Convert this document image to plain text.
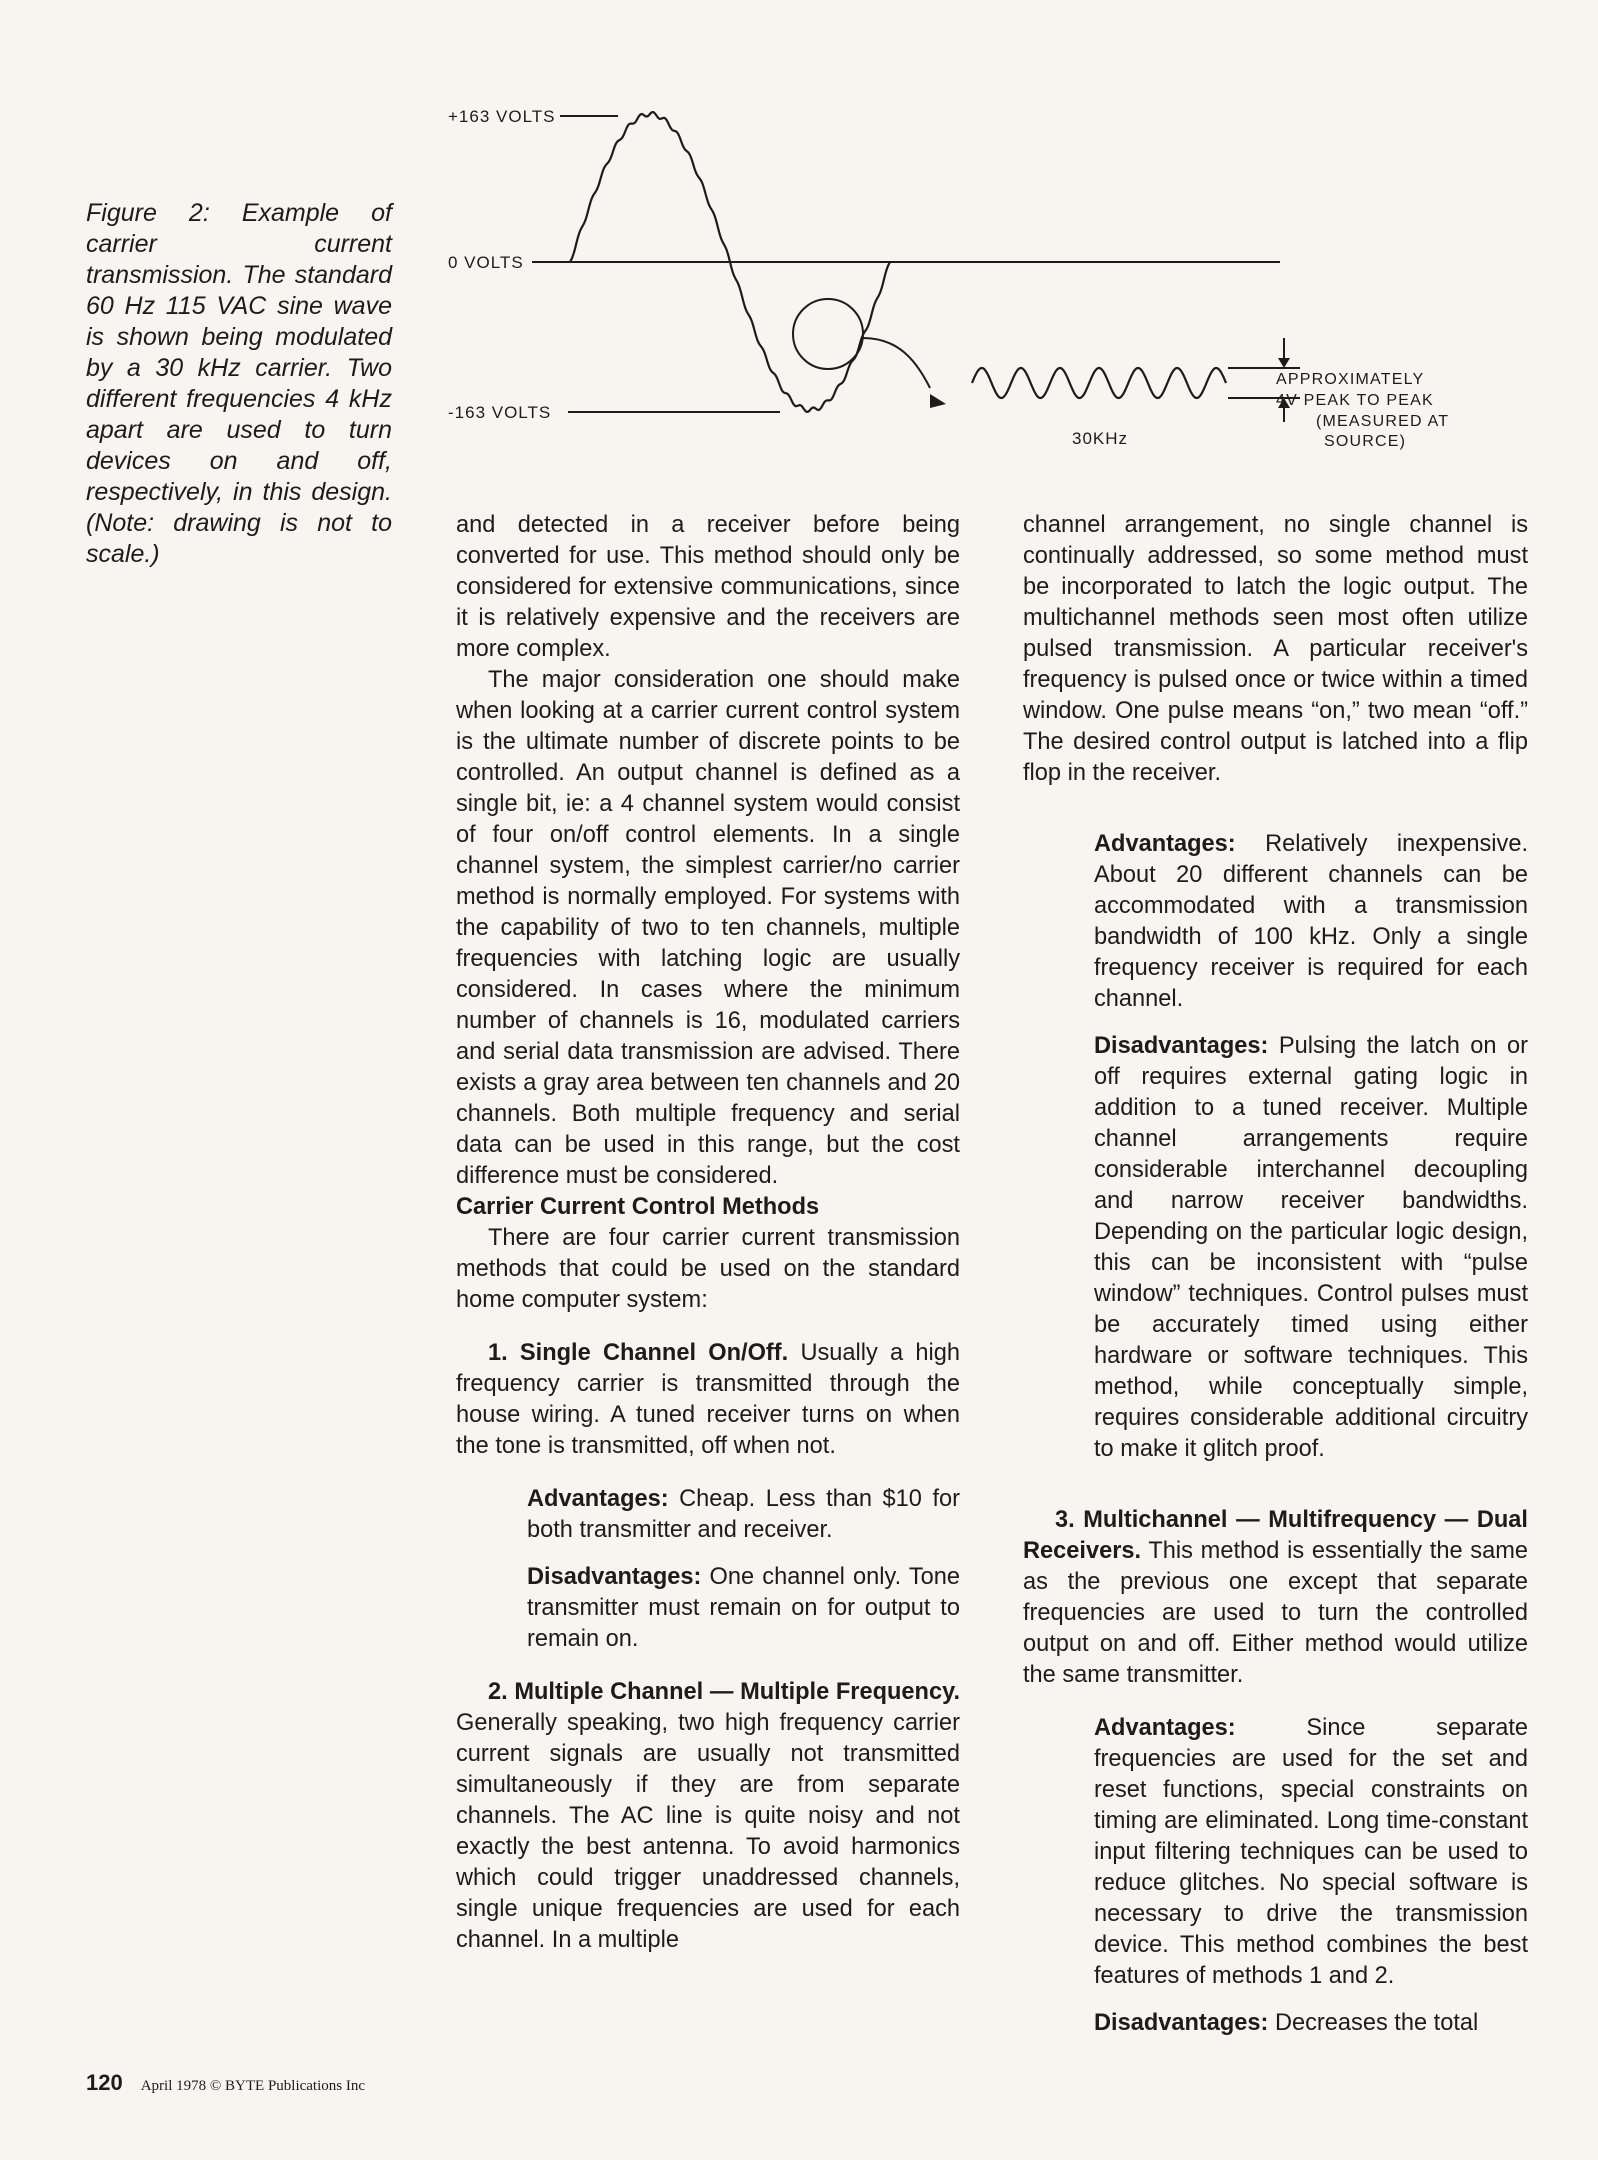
Figure 2: Example of carrier current transmission. The standard 60 Hz 115 VAC sine wave is shown being modulated by a 30 kHz carrier. Two different frequencies 4 kHz apart are used to turn devices on and off, respectively, in this design. (Note: drawing is not to scale.)

+163 VOLTS
0 VOLTS
-163 VOLTS
30KHz
APPROXIMATELY
4V PEAK TO PEAK
(MEASURED AT
SOURCE)

and detected in a receiver before being converted for use. This method should only be considered for extensive communications, since it is relatively expensive and the receivers are more complex.

The major consideration one should make when looking at a carrier current control system is the ultimate number of discrete points to be controlled. An output channel is defined as a single bit, ie: a 4 channel system would consist of four on/off control elements. In a single channel system, the simplest carrier/no carrier method is normally employed. For systems with the capability of two to ten channels, multiple frequencies with latching logic are usually considered. In cases where the minimum number of channels is 16, modulated carriers and serial data transmission are advised. There exists a gray area between ten channels and 20 channels. Both multiple frequency and serial data can be used in this range, but the cost difference must be considered.

Carrier Current Control Methods

There are four carrier current transmission methods that could be used on the standard home computer system:

1. Single Channel On/Off. Usually a high frequency carrier is transmitted through the house wiring. A tuned receiver turns on when the tone is transmitted, off when not.

Advantages: Cheap. Less than $10 for both transmitter and receiver.

Disadvantages: One channel only. Tone transmitter must remain on for output to remain on.

2. Multiple Channel — Multiple Frequency. Generally speaking, two high frequency carrier current signals are usually not transmitted simultaneously if they are from separate channels. The AC line is quite noisy and not exactly the best antenna. To avoid harmonics which could trigger unaddressed channels, single unique frequencies are used for each channel. In a multiple

channel arrangement, no single channel is continually addressed, so some method must be incorporated to latch the logic output. The multichannel methods seen most often utilize pulsed transmission. A particular receiver's frequency is pulsed once or twice within a timed window. One pulse means “on,” two mean “off.” The desired control output is latched into a flip flop in the receiver.

Advantages: Relatively inexpensive. About 20 different channels can be accommodated with a transmission bandwidth of 100 kHz. Only a single frequency receiver is required for each channel.

Disadvantages: Pulsing the latch on or off requires external gating logic in addition to a tuned receiver. Multiple channel arrangements require considerable interchannel decoupling and narrow receiver bandwidths. Depending on the particular logic design, this can be inconsistent with “pulse window” techniques. Control pulses must be accurately timed using either hardware or software techniques. This method, while conceptually simple, requires considerable additional circuitry to make it glitch proof.

3. Multichannel — Multifrequency — Dual Receivers. This method is essentially the same as the previous one except that separate frequencies are used to turn the controlled output on and off. Either method would utilize the same transmitter.

Advantages:	Since separate frequencies are used for the set and reset functions, special constraints on timing are eliminated. Long time-constant input filtering techniques can be used to reduce glitches. No special software is necessary to drive the transmission device. This method combines the best features of methods 1 and 2.

Disadvantages: Decreases the total

120 April 1978 © BYTE Publications Inc
